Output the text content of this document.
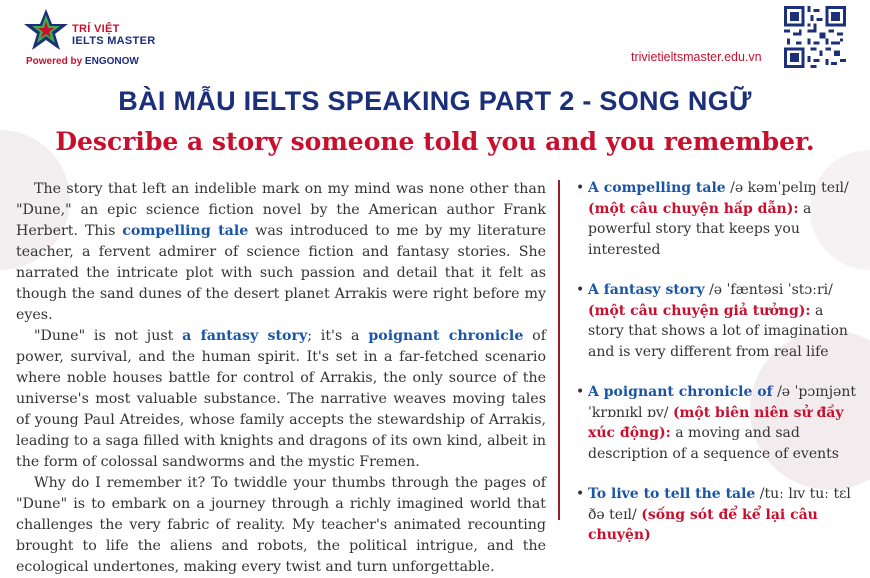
TRÍ VIỆT
IELTS MASTER
Powered by ENGONOW	trivietieltsmaster.edu.vn
BÀI MẪU IELTS SPEAKING PART 2 - SONG NGỮ
Describe a story someone told you and you remember.

The story that left an indelible mark on my mind was none other than "Dune," an epic science fiction novel by the American author Frank Herbert. This compelling tale was introduced to me by my literature teacher, a fervent admirer of science fiction and fantasy stories. She narrated the intricate plot with such passion and detail that it felt as though the sand dunes of the desert planet Arrakis were right before my eyes.

"Dune" is not just a fantasy story; it's a poignant chronicle of power, survival, and the human spirit. It's set in a far-fetched scenario where noble houses battle for control of Arrakis, the only source of the universe's most valuable substance. The narrative weaves moving tales of young Paul Atreides, whose family accepts the stewardship of Arrakis, leading to a saga filled with knights and dragons of its own kind, albeit in the form of colossal sandworms and the mystic Fremen.

Why do I remember it? To twiddle your thumbs through the pages of "Dune" is to embark on a journey through a richly imagined world that challenges the very fabric of reality. My teacher's animated recounting brought to life the aliens and robots, the political intrigue, and the ecological undertones, making every twist and turn unforgettable.

• A compelling tale /ə kəmˈpelɪŋ teɪl/ (một câu chuyện hấp dẫn): a powerful story that keeps you interested
• A fantasy story /ə ˈfæntəsi ˈstɔːri/ (một câu chuyện giả tưởng): a story that shows a lot of imagination and is very different from real life
• A poignant chronicle of /ə ˈpɔɪnjənt ˈkrɒnɪkl ɒv/ (một biên niên sử đầy xúc động): a moving and sad description of a sequence of events
• To live to tell the tale /tuː lɪv tuː tɛl ðə teɪl/ (sống sót để kể lại câu chuyện)
